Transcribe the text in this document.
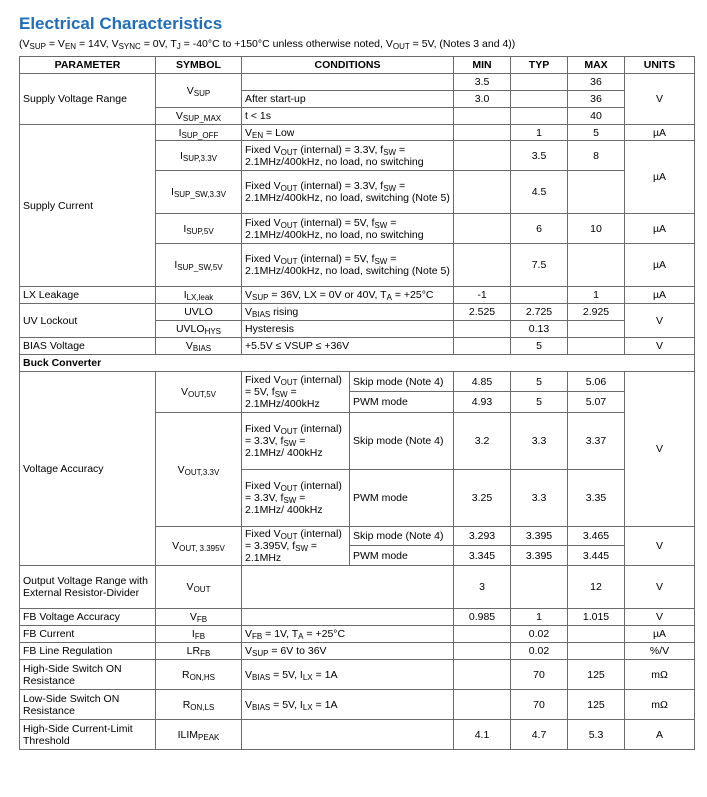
Electrical Characteristics
($V_{SUP} = V_{EN} = 14V$, $V_{SYNC} = 0V$, $T_J = -40^\circ C$ to +150°C unless otherwise noted, $V_{OUT} = 5V$, (Notes 3 and 4))
PARAMETER	SYMBOL	CONDITIONS		MIN	TYP	MAX	UNITS
Supply Voltage Range	$V_{SUP}$			3.5		36	V
		After start-up		3.0		36	
	$V_{SUP\_MAX}$	t < 1s				40	
Supply Current	$I_{SUP\_OFF}$	$V_{EN}$ = Low			1	5	µA
	$I_{SUP,3.3V}$	Fixed $V_{OUT}$ (internal) = 3.3V, $f_{SW} = 2.1MHz/400kHz$, no load, no switching			3.5	8	µA
	$I_{SUP\_SW,3.3V}$	Fixed $V_{OUT}$ (internal) = 3.3V, $f_{SW} = 2.1MHz/400kHz$, no load, switching (Note 5)			4.5		
	$I_{SUP,5V}$	Fixed $V_{OUT}$ (internal) = 5V, $f_{SW} = 2.1MHz/400kHz$, no load, no switching			6	10	µA
	$I_{SUP\_SW,5V}$	Fixed $V_{OUT}$ (internal) = 5V, $f_{SW} = 2.1MHz/400kHz$, no load, switching (Note 5)			7.5		µA
LX Leakage	$I_{LX,leak}$	$V_{SUP} = 36V$, LX = 0V or 40V, $T_A = +25^\circ C$		-1		1	µA
UV Lockout	UVLO	$V_{BIAS}$ rising		2.525	2.725	2.925	V
	$UVLO_{HYS}$	Hysteresis			0.13		
BIAS Voltage	$V_{BIAS}$	+5.5V ≤ VSUP ≤ +36V			5		V
Buck Converter							
Voltage Accuracy	$V_{OUT,5V}$	Fixed $V_{OUT}$ (internal) = 5V, $f_{SW} = 2.1MHz/400kHz$	Skip mode (Note 4)	4.85	5	5.06	V
			PWM mode	4.93	5	5.07	
	$V_{OUT,3.3V}$	Fixed $V_{OUT}$ (internal) = 3.3V, $f_{SW} = 2.1MHz/$ 400kHz	Skip mode (Note 4)	3.2	3.3	3.37	
		Fixed $V_{OUT}$ (internal) = 3.3V, $f_{SW} = 2.1MHz/$ 400kHz	PWM mode	3.25	3.3	3.35	
	$V_{OUT, 3.395V}$	Fixed $V_{OUT}$ (internal) = 3.395V, $f_{SW} = 2.1MHz$	Skip mode (Note 4)	3.293	3.395	3.465	V
			PWM mode	3.345	3.395	3.445	
Output Voltage Range with External Resistor-Divider	$V_{OUT}$			3		12	V
FB Voltage Accuracy	$V_{FB}$			0.985	1	1.015	V
FB Current	$I_{FB}$	$V_{FB} = 1V$, $T_A = +25^\circ C$			0.02		µA
FB Line Regulation	$LR_{FB}$	$V_{SUP} = 6V$ to 36V			0.02		%/V
High-Side Switch ON Resistance	$R_{ON,HS}$	$V_{BIAS} = 5V$, $I_{LX} = 1A$			70	125	mΩ
Low-Side Switch ON Resistance	$R_{ON,LS}$	$V_{BIAS} = 5V$, $I_{LX} = 1A$			70	125	mΩ
High-Side Current-Limit Threshold	$ILIM_{PEAK}$			4.1	4.7	5.3	A
